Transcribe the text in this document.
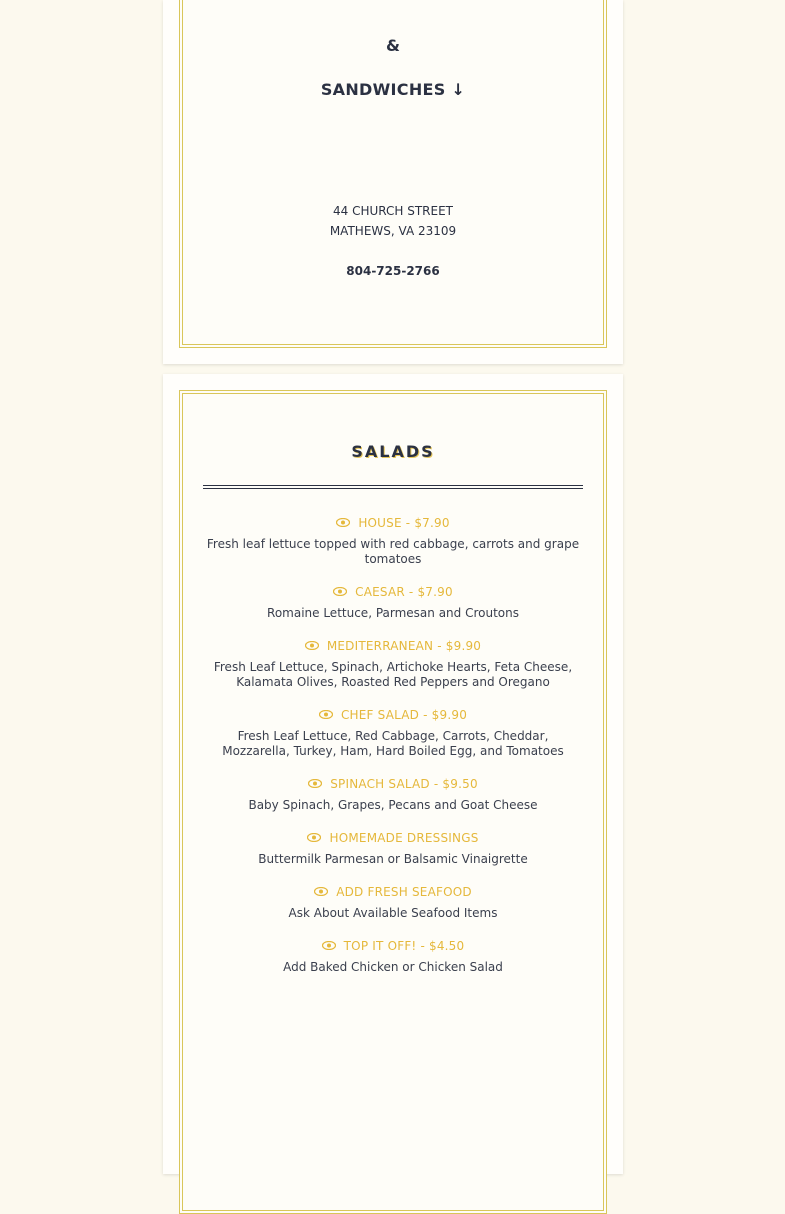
&
SANDWICHES ↓
44 CHURCH STREET
MATHEWS, VA 23109
804-725-2766
SALADS
HOUSE - $7.90
Fresh leaf lettuce topped with red cabbage, carrots and grape tomatoes
CAESAR - $7.90
Romaine Lettuce, Parmesan and Croutons
MEDITERRANEAN - $9.90
Fresh Leaf Lettuce, Spinach, Artichoke Hearts, Feta Cheese, Kalamata Olives, Roasted Red Peppers and Oregano
CHEF SALAD - $9.90
Fresh Leaf Lettuce, Red Cabbage, Carrots, Cheddar, Mozzarella, Turkey, Ham, Hard Boiled Egg, and Tomatoes
SPINACH SALAD - $9.50
Baby Spinach, Grapes, Pecans and Goat Cheese
HOMEMADE DRESSINGS
Buttermilk Parmesan or Balsamic Vinaigrette
ADD FRESH SEAFOOD
Ask About Available Seafood Items
TOP IT OFF! - $4.50
Add Baked Chicken or Chicken Salad
